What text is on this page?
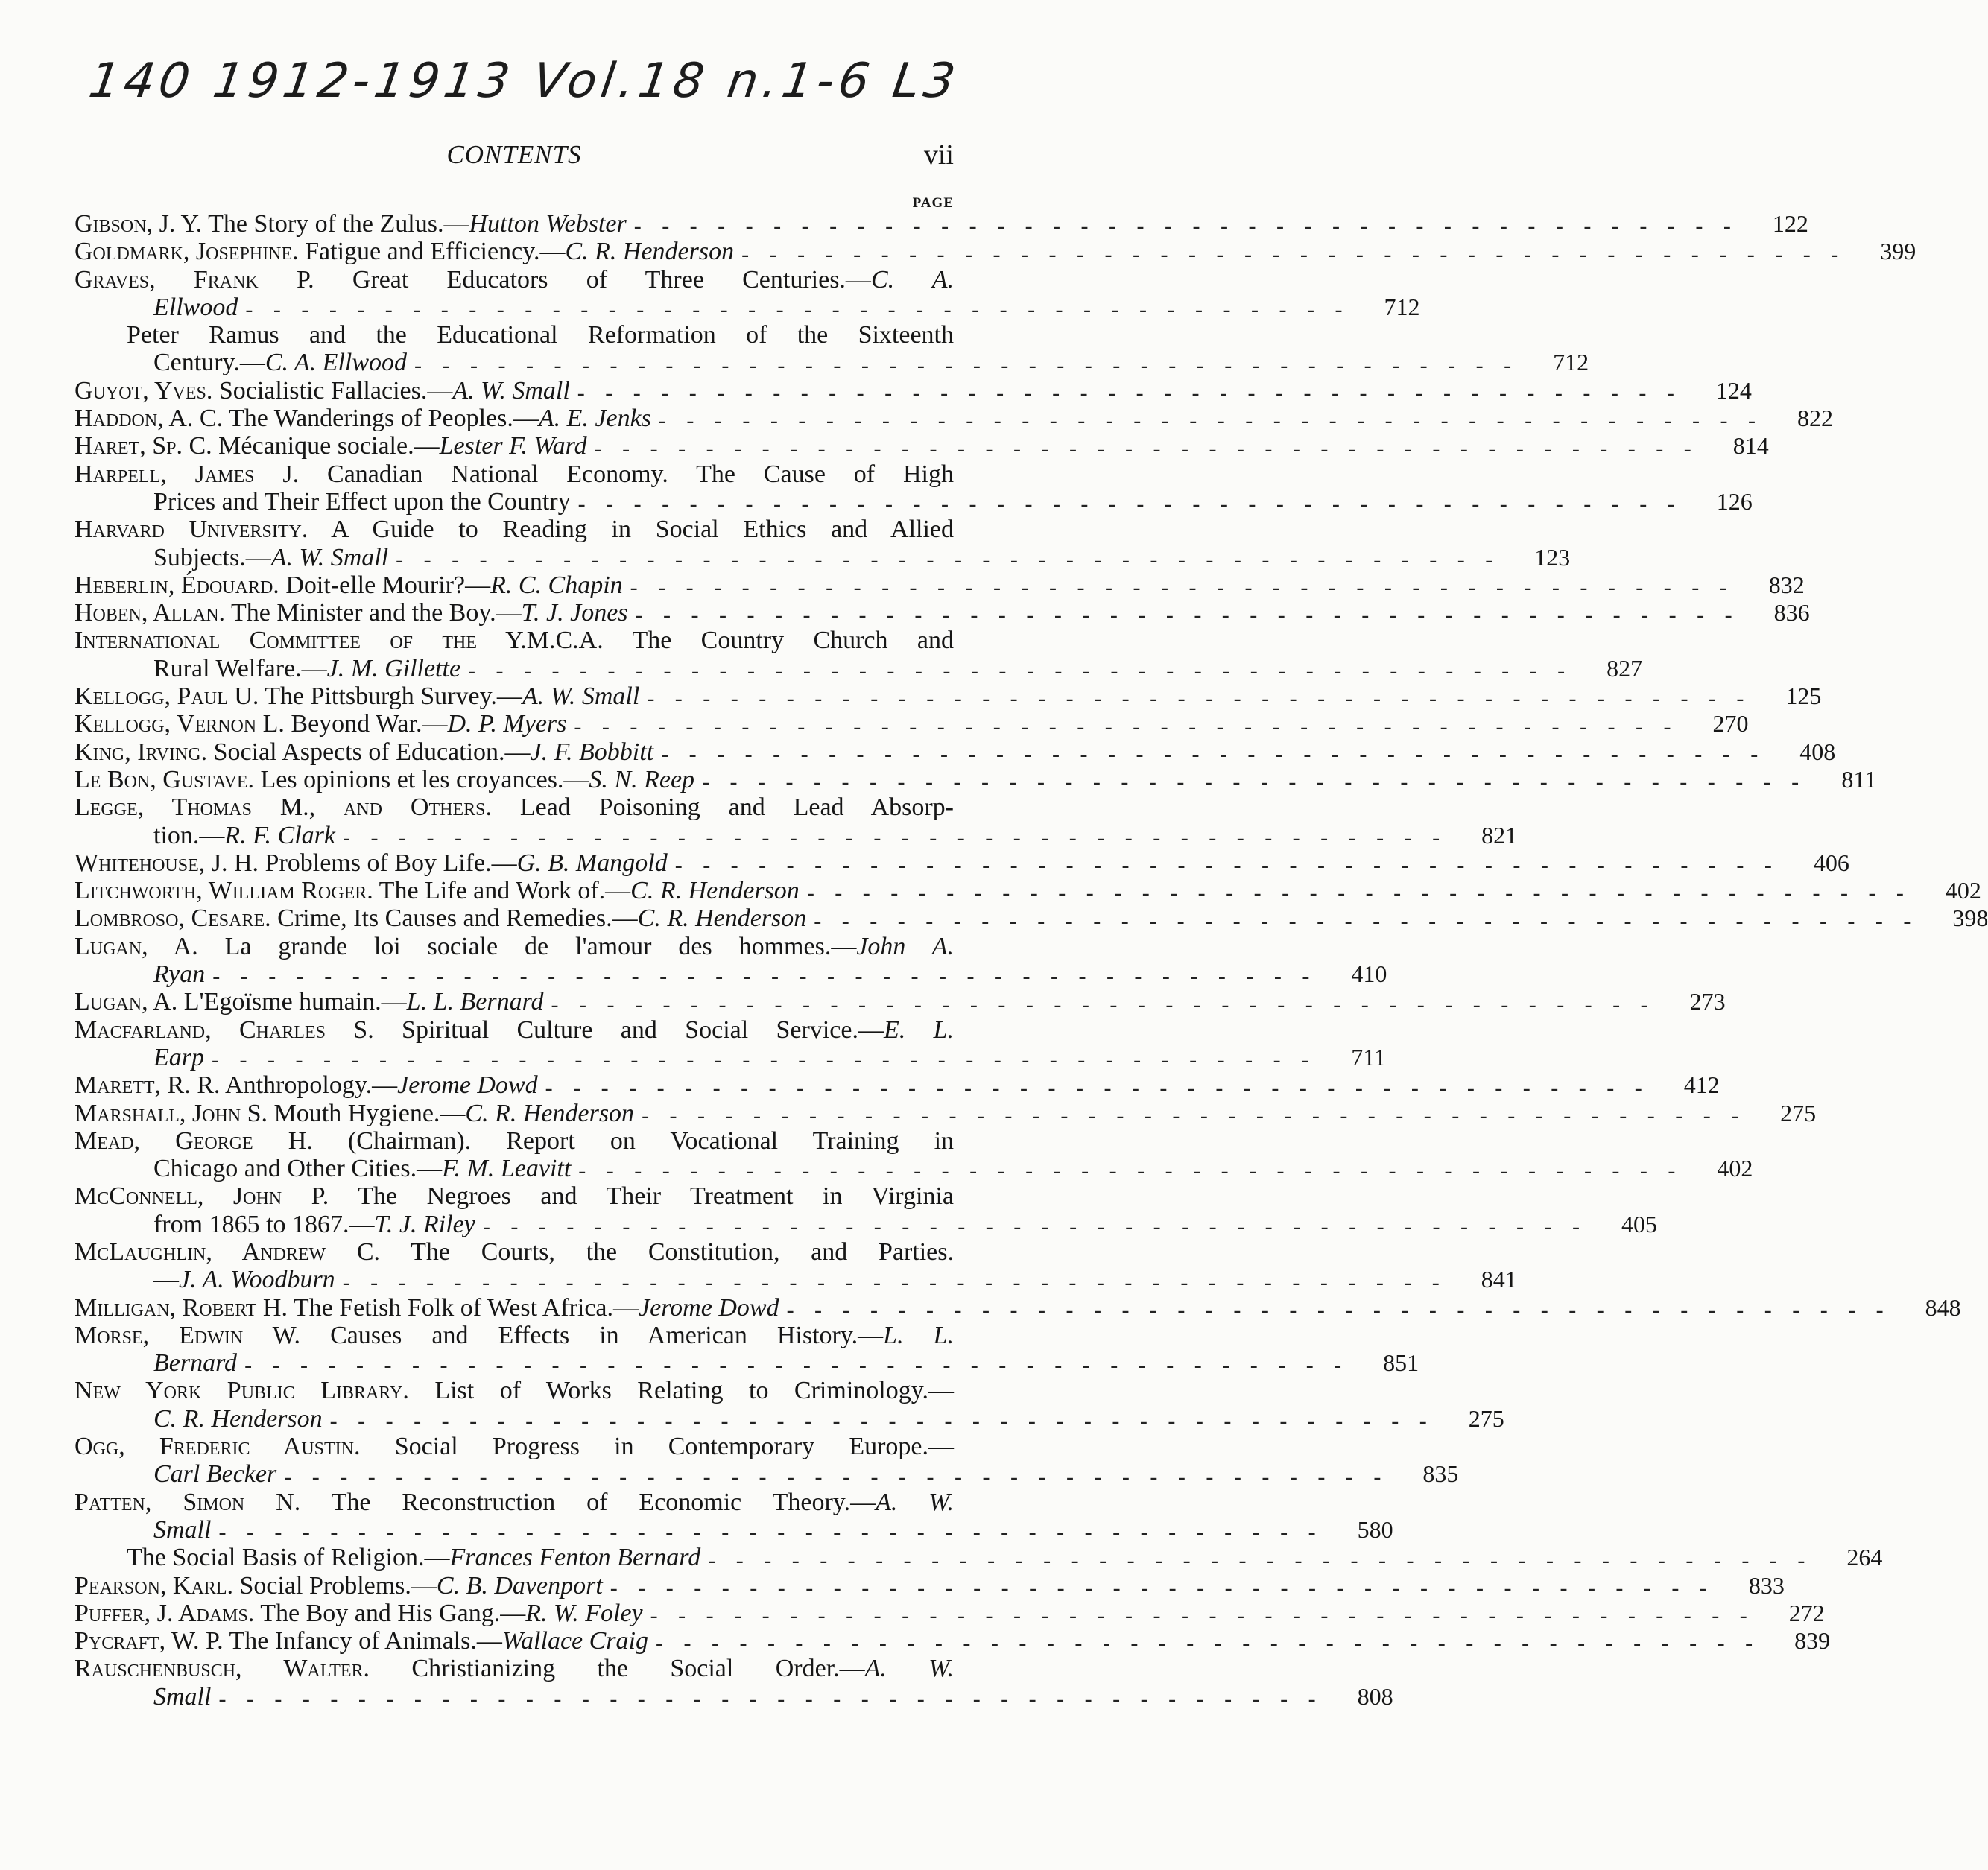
140 1912-1913 Vol.18 n.1-6 L3
CONTENTS	vii
PAGE
Gibson, J. Y. The Story of the Zulus.—Hutton Webster - - - - - - - - - - - - - - - - - - - - - - - - - - - - - - - - - - - - - - - -	122
Goldmark, Josephine. Fatigue and Efficiency.—C. R. Henderson - - - - - - - - - - - - - - - - - - - - - - - - - - - - - - - - - - - - - - - -	399
Graves, Frank P. Great Educators of Three Centuries.—C. A.
Ellwood - - - - - - - - - - - - - - - - - - - - - - - - - - - - - - - - - - - - - - - -	712
Peter Ramus and the Educational Reformation of the Sixteenth
Century.—C. A. Ellwood - - - - - - - - - - - - - - - - - - - - - - - - - - - - - - - - - - - - - - - -	712
Guyot, Yves. Socialistic Fallacies.—A. W. Small - - - - - - - - - - - - - - - - - - - - - - - - - - - - - - - - - - - - - - - -	124
Haddon, A. C. The Wanderings of Peoples.—A. E. Jenks - - - - - - - - - - - - - - - - - - - - - - - - - - - - - - - - - - - - - - - -	822
Haret, Sp. C. Mécanique sociale.—Lester F. Ward - - - - - - - - - - - - - - - - - - - - - - - - - - - - - - - - - - - - - - - -	814
Harpell, James J. Canadian National Economy. The Cause of High
Prices and Their Effect upon the Country - - - - - - - - - - - - - - - - - - - - - - - - - - - - - - - - - - - - - - - -	126
Harvard University. A Guide to Reading in Social Ethics and Allied
Subjects.—A. W. Small - - - - - - - - - - - - - - - - - - - - - - - - - - - - - - - - - - - - - - - -	123
Heberlin, Édouard. Doit-elle Mourir?—R. C. Chapin - - - - - - - - - - - - - - - - - - - - - - - - - - - - - - - - - - - - - - - -	832
Hoben, Allan. The Minister and the Boy.—T. J. Jones - - - - - - - - - - - - - - - - - - - - - - - - - - - - - - - - - - - - - - - -	836
International Committee of the Y.M.C.A. The Country Church and
Rural Welfare.—J. M. Gillette - - - - - - - - - - - - - - - - - - - - - - - - - - - - - - - - - - - - - - - -	827
Kellogg, Paul U. The Pittsburgh Survey.—A. W. Small - - - - - - - - - - - - - - - - - - - - - - - - - - - - - - - - - - - - - - - -	125
Kellogg, Vernon L. Beyond War.—D. P. Myers - - - - - - - - - - - - - - - - - - - - - - - - - - - - - - - - - - - - - - - -	270
King, Irving. Social Aspects of Education.—J. F. Bobbitt - - - - - - - - - - - - - - - - - - - - - - - - - - - - - - - - - - - - - - - -	408
Le Bon, Gustave. Les opinions et les croyances.—S. N. Reep - - - - - - - - - - - - - - - - - - - - - - - - - - - - - - - - - - - - - - - -	811
Legge, Thomas M., and Others. Lead Poisoning and Lead Absorp-
tion.—R. F. Clark - - - - - - - - - - - - - - - - - - - - - - - - - - - - - - - - - - - - - - - -	821
Whitehouse, J. H. Problems of Boy Life.—G. B. Mangold - - - - - - - - - - - - - - - - - - - - - - - - - - - - - - - - - - - - - - - -	406
Litchworth, William Roger. The Life and Work of.—C. R. Henderson - - - - - - - - - - - - - - - - - - - - - - - - - - - - - - - - - - - - - - - -	402
Lombroso, Cesare. Crime, Its Causes and Remedies.—C. R. Henderson - - - - - - - - - - - - - - - - - - - - - - - - - - - - - - - - - - - - - - - -	398
Lugan, A. La grande loi sociale de l'amour des hommes.—John A.
Ryan - - - - - - - - - - - - - - - - - - - - - - - - - - - - - - - - - - - - - - - -	410
Lugan, A. L'Egoïsme humain.—L. L. Bernard - - - - - - - - - - - - - - - - - - - - - - - - - - - - - - - - - - - - - - - -	273
Macfarland, Charles S. Spiritual Culture and Social Service.—E. L.
Earp - - - - - - - - - - - - - - - - - - - - - - - - - - - - - - - - - - - - - - - -	711
Marett, R. R. Anthropology.—Jerome Dowd - - - - - - - - - - - - - - - - - - - - - - - - - - - - - - - - - - - - - - - -	412
Marshall, John S. Mouth Hygiene.—C. R. Henderson - - - - - - - - - - - - - - - - - - - - - - - - - - - - - - - - - - - - - - - -	275
Mead, George H. (Chairman). Report on Vocational Training in
Chicago and Other Cities.—F. M. Leavitt - - - - - - - - - - - - - - - - - - - - - - - - - - - - - - - - - - - - - - - -	402
McConnell, John P. The Negroes and Their Treatment in Virginia
from 1865 to 1867.—T. J. Riley - - - - - - - - - - - - - - - - - - - - - - - - - - - - - - - - - - - - - - - -	405
McLaughlin, Andrew C. The Courts, the Constitution, and Parties.
—J. A. Woodburn - - - - - - - - - - - - - - - - - - - - - - - - - - - - - - - - - - - - - - - -	841
Milligan, Robert H. The Fetish Folk of West Africa.—Jerome Dowd - - - - - - - - - - - - - - - - - - - - - - - - - - - - - - - - - - - - - - - -	848
Morse, Edwin W. Causes and Effects in American History.—L. L.
Bernard - - - - - - - - - - - - - - - - - - - - - - - - - - - - - - - - - - - - - - - -	851
New York Public Library. List of Works Relating to Criminology.—
C. R. Henderson - - - - - - - - - - - - - - - - - - - - - - - - - - - - - - - - - - - - - - - -	275
Ogg, Frederic Austin. Social Progress in Contemporary Europe.—
Carl Becker - - - - - - - - - - - - - - - - - - - - - - - - - - - - - - - - - - - - - - - -	835
Patten, Simon N. The Reconstruction of Economic Theory.—A. W.
Small - - - - - - - - - - - - - - - - - - - - - - - - - - - - - - - - - - - - - - - -	580
The Social Basis of Religion.—Frances Fenton Bernard - - - - - - - - - - - - - - - - - - - - - - - - - - - - - - - - - - - - - - - -	264
Pearson, Karl. Social Problems.—C. B. Davenport - - - - - - - - - - - - - - - - - - - - - - - - - - - - - - - - - - - - - - - -	833
Puffer, J. Adams. The Boy and His Gang.—R. W. Foley - - - - - - - - - - - - - - - - - - - - - - - - - - - - - - - - - - - - - - - -	272
Pycraft, W. P. The Infancy of Animals.—Wallace Craig - - - - - - - - - - - - - - - - - - - - - - - - - - - - - - - - - - - - - - - -	839
Rauschenbusch, Walter. Christianizing the Social Order.—A. W.
Small - - - - - - - - - - - - - - - - - - - - - - - - - - - - - - - - - - - - - - - -	808
